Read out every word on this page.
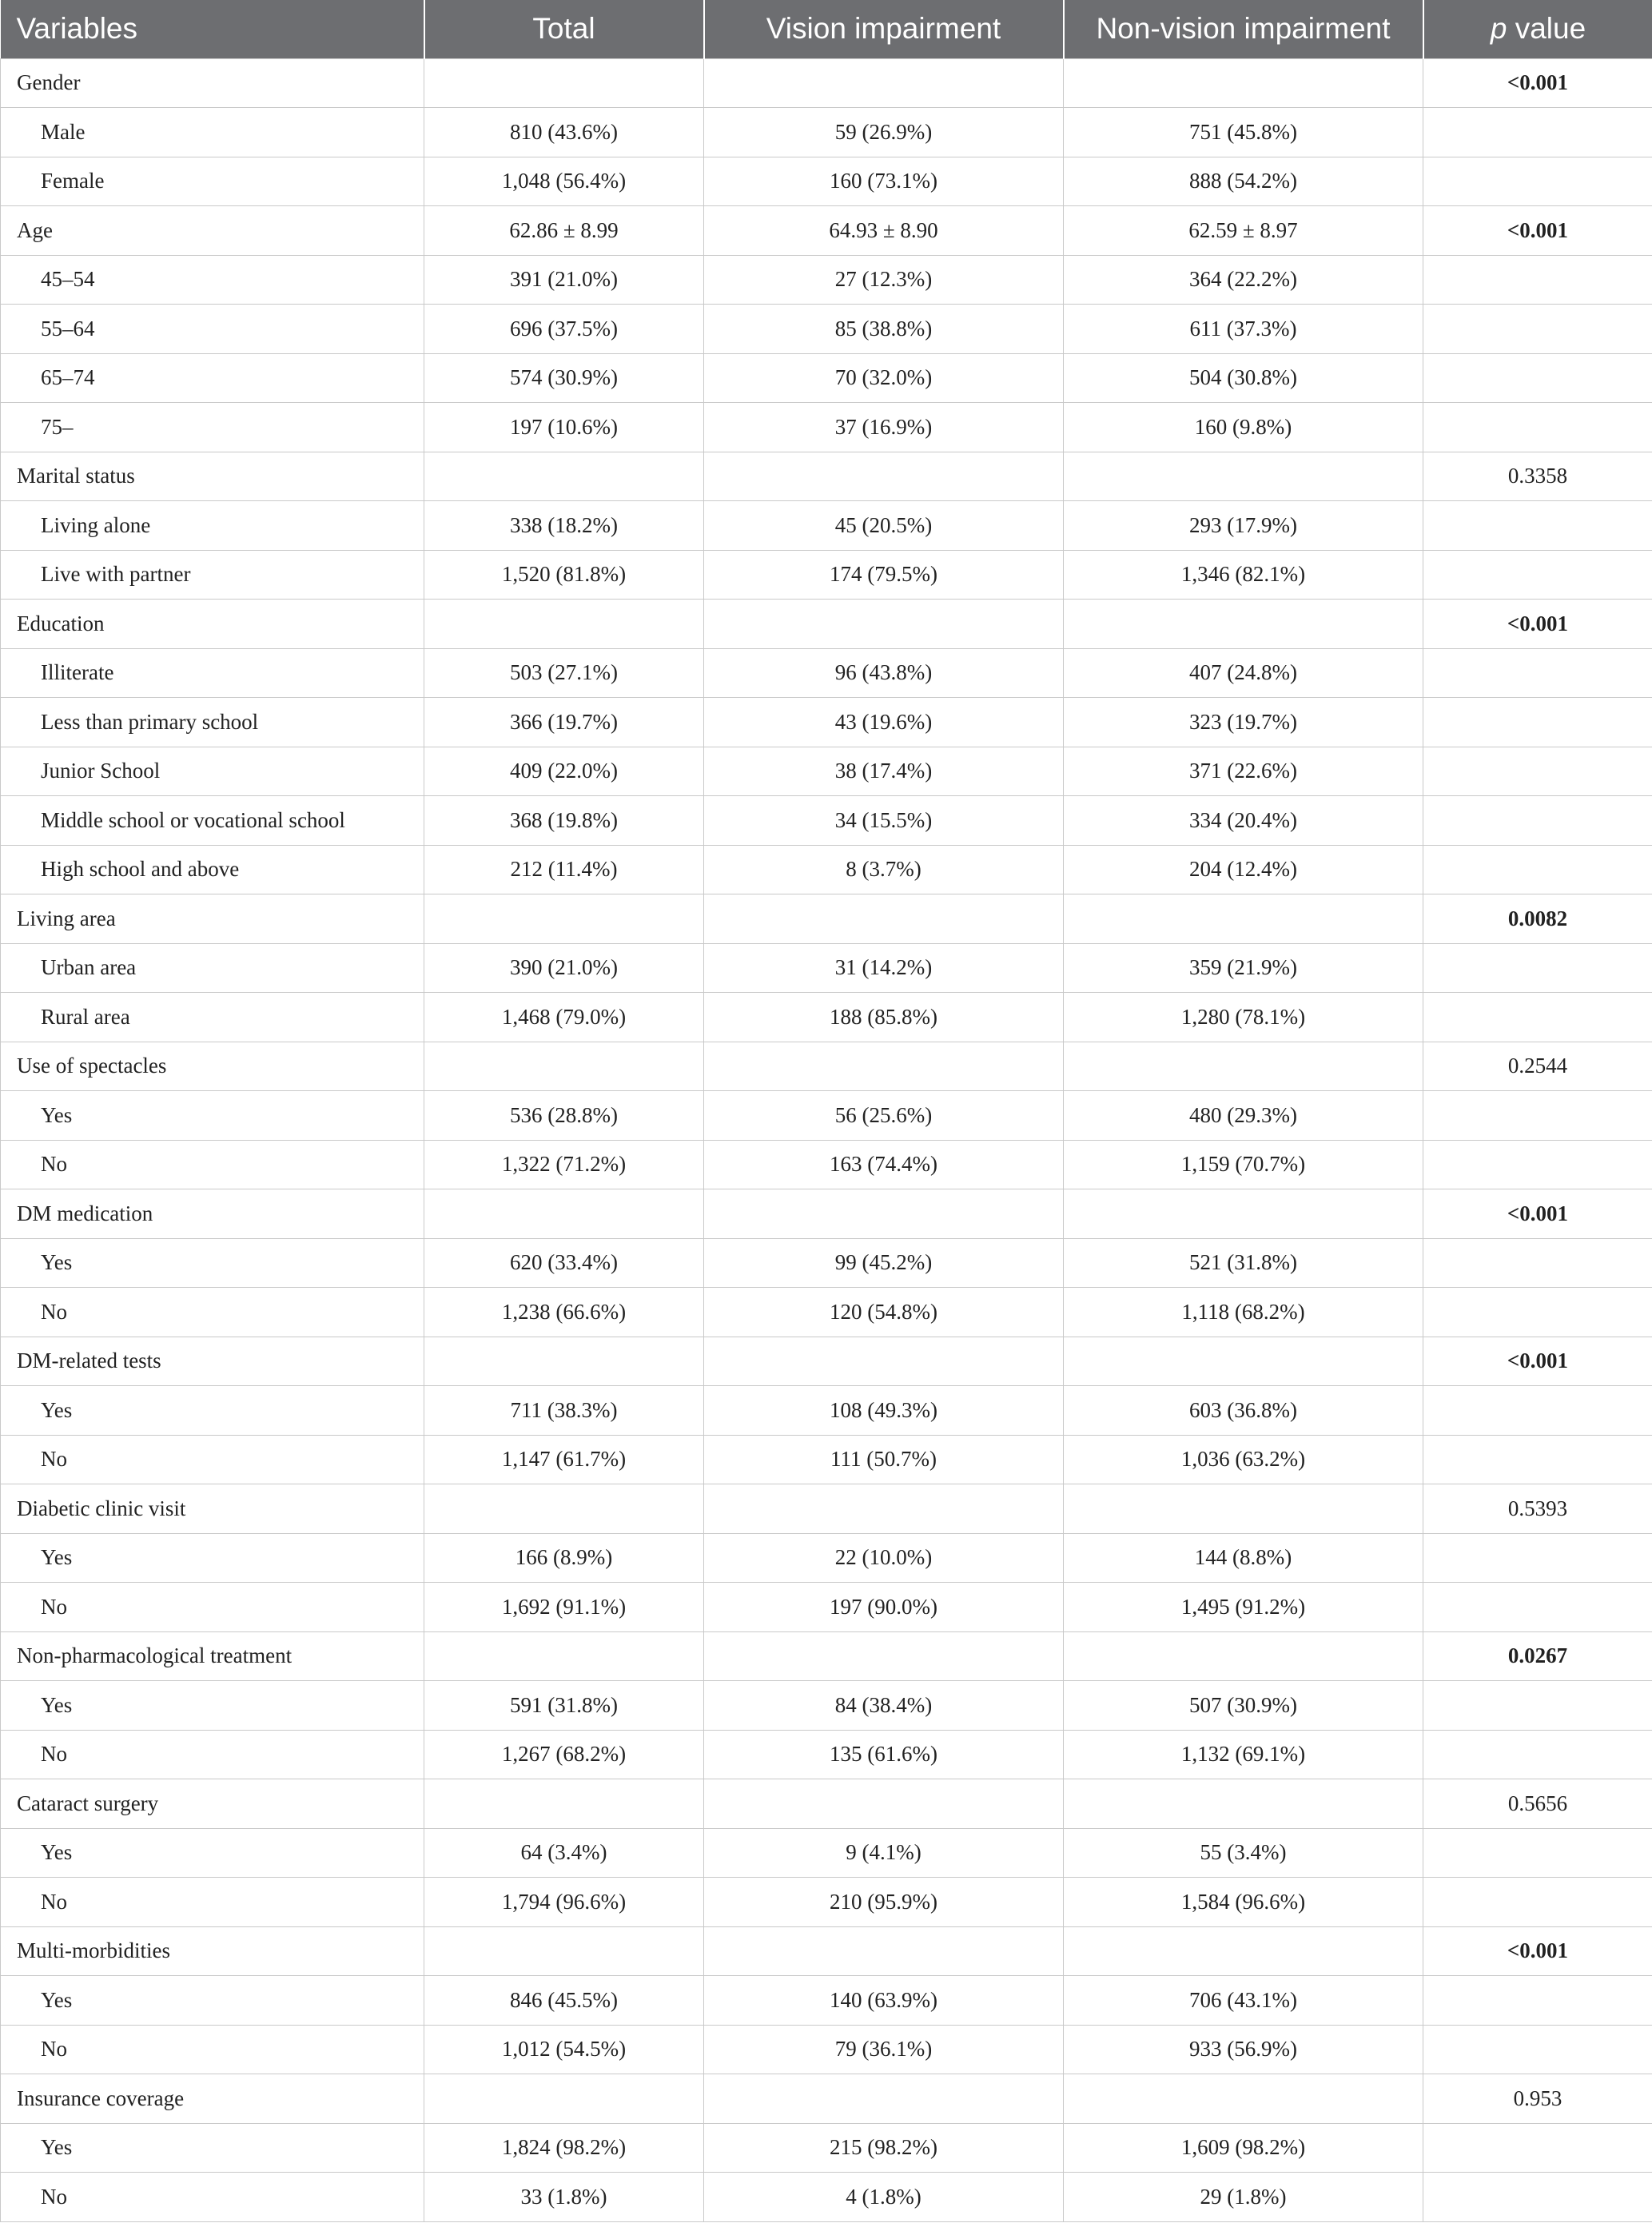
Variables	Total	Vision impairment	Non-vision impairment	p value
Gender				<0.001
Male	810 (43.6%)	59 (26.9%)	751 (45.8%)	
Female	1,048 (56.4%)	160 (73.1%)	888 (54.2%)	
Age	62.86 ± 8.99	64.93 ± 8.90	62.59 ± 8.97	<0.001
45–54	391 (21.0%)	27 (12.3%)	364 (22.2%)	
55–64	696 (37.5%)	85 (38.8%)	611 (37.3%)	
65–74	574 (30.9%)	70 (32.0%)	504 (30.8%)	
75–	197 (10.6%)	37 (16.9%)	160 (9.8%)	
Marital status				0.3358
Living alone	338 (18.2%)	45 (20.5%)	293 (17.9%)	
Live with partner	1,520 (81.8%)	174 (79.5%)	1,346 (82.1%)	
Education				<0.001
Illiterate	503 (27.1%)	96 (43.8%)	407 (24.8%)	
Less than primary school	366 (19.7%)	43 (19.6%)	323 (19.7%)	
Junior School	409 (22.0%)	38 (17.4%)	371 (22.6%)	
Middle school or vocational school	368 (19.8%)	34 (15.5%)	334 (20.4%)	
High school and above	212 (11.4%)	8 (3.7%)	204 (12.4%)	
Living area				0.0082
Urban area	390 (21.0%)	31 (14.2%)	359 (21.9%)	
Rural area	1,468 (79.0%)	188 (85.8%)	1,280 (78.1%)	
Use of spectacles				0.2544
Yes	536 (28.8%)	56 (25.6%)	480 (29.3%)	
No	1,322 (71.2%)	163 (74.4%)	1,159 (70.7%)	
DM medication				<0.001
Yes	620 (33.4%)	99 (45.2%)	521 (31.8%)	
No	1,238 (66.6%)	120 (54.8%)	1,118 (68.2%)	
DM-related tests				<0.001
Yes	711 (38.3%)	108 (49.3%)	603 (36.8%)	
No	1,147 (61.7%)	111 (50.7%)	1,036 (63.2%)	
Diabetic clinic visit				0.5393
Yes	166 (8.9%)	22 (10.0%)	144 (8.8%)	
No	1,692 (91.1%)	197 (90.0%)	1,495 (91.2%)	
Non-pharmacological treatment				0.0267
Yes	591 (31.8%)	84 (38.4%)	507 (30.9%)	
No	1,267 (68.2%)	135 (61.6%)	1,132 (69.1%)	
Cataract surgery				0.5656
Yes	64 (3.4%)	9 (4.1%)	55 (3.4%)	
No	1,794 (96.6%)	210 (95.9%)	1,584 (96.6%)	
Multi-morbidities				<0.001
Yes	846 (45.5%)	140 (63.9%)	706 (43.1%)	
No	1,012 (54.5%)	79 (36.1%)	933 (56.9%)	
Insurance coverage				0.953
Yes	1,824 (98.2%)	215 (98.2%)	1,609 (98.2%)	
No	33 (1.8%)	4 (1.8%)	29 (1.8%)	
